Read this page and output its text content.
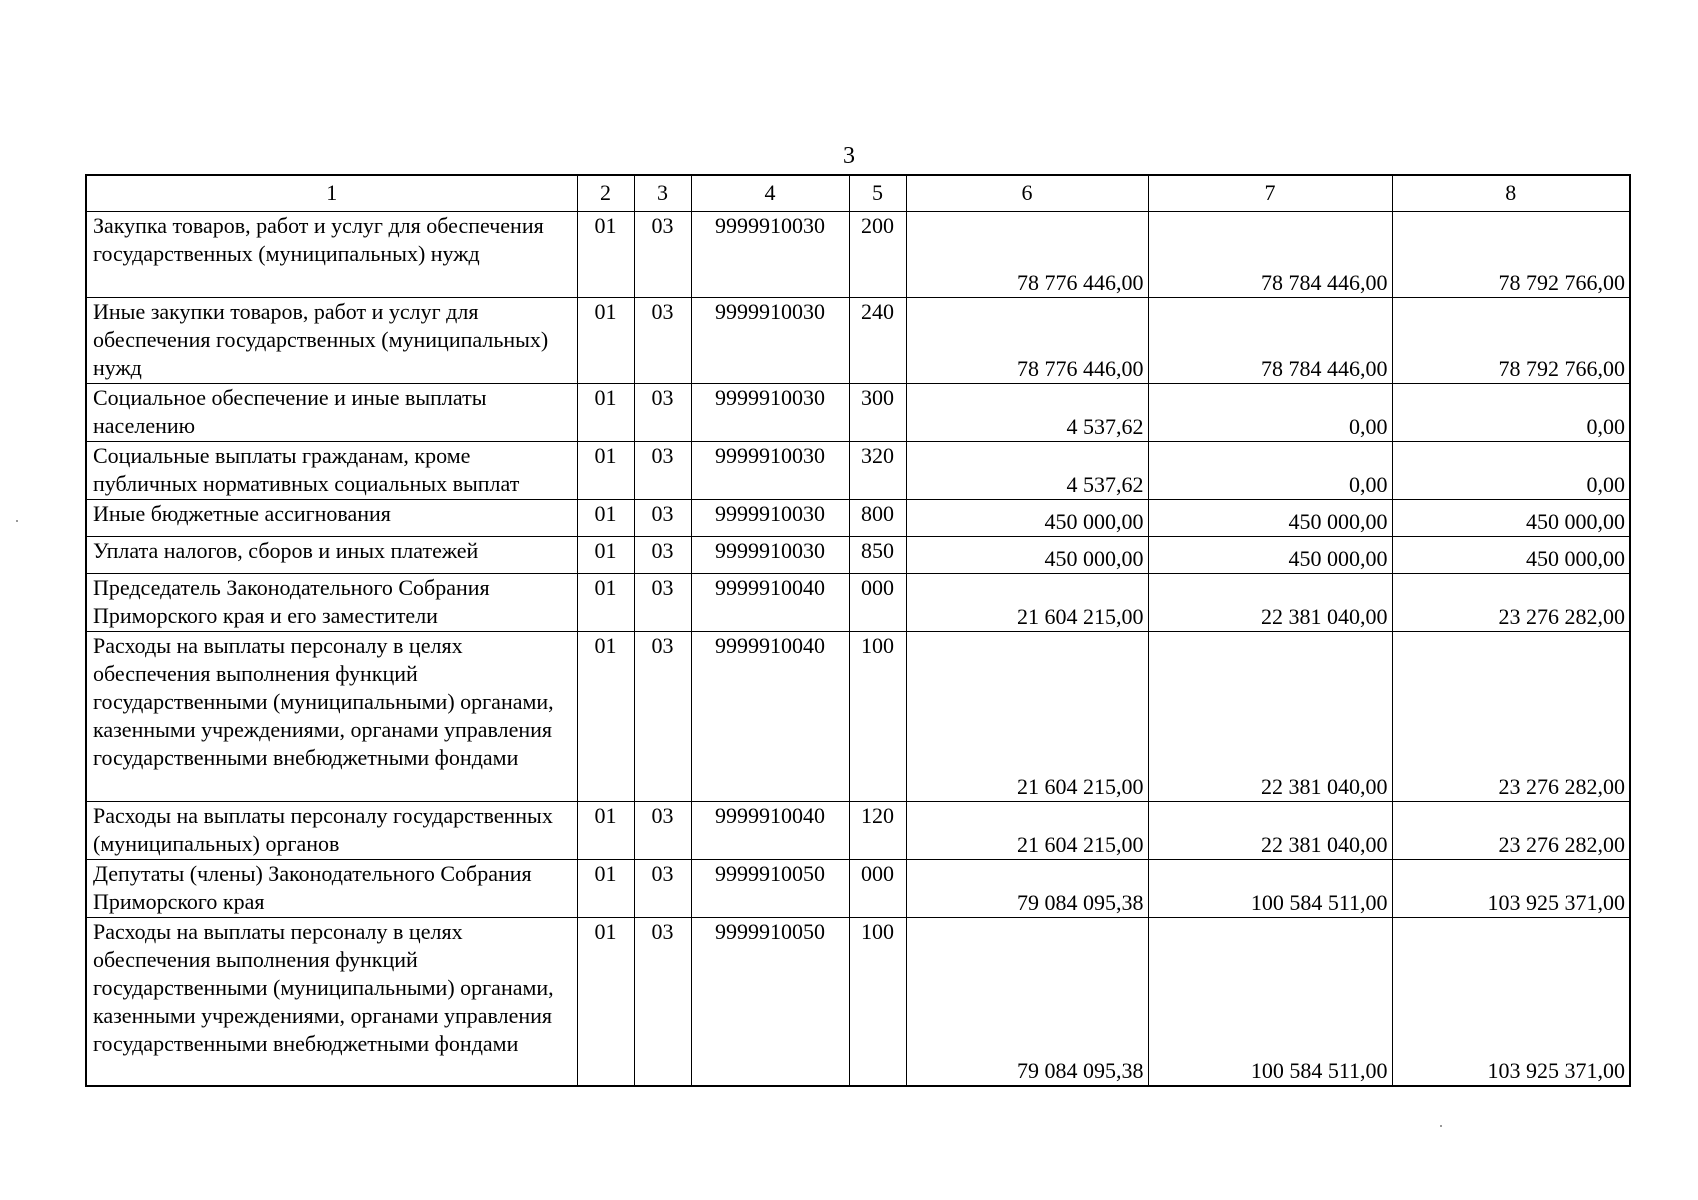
3
1	2	3	4	5	6	7	8
Закупка товаров, работ и услуг для обеспечения государственных (муниципальных) нужд	01	03	9999910030	200	78 776 446,00	78 784 446,00	78 792 766,00
Иные закупки товаров, работ и услуг для обеспечения государственных (муниципальных) нужд	01	03	9999910030	240	78 776 446,00	78 784 446,00	78 792 766,00
Социальное обеспечение и иные выплаты населению	01	03	9999910030	300	4 537,62	0,00	0,00
Социальные выплаты гражданам, кроме публичных нормативных социальных выплат	01	03	9999910030	320	4 537,62	0,00	0,00
Иные бюджетные ассигнования	01	03	9999910030	800	450 000,00	450 000,00	450 000,00
Уплата налогов, сборов и иных платежей	01	03	9999910030	850	450 000,00	450 000,00	450 000,00
Председатель Законодательного Собрания Приморского края и его заместители	01	03	9999910040	000	21 604 215,00	22 381 040,00	23 276 282,00
Расходы на выплаты персоналу в целях обеспечения выполнения функций государственными (муниципальными) органами, казенными учреждениями, органами управления государственными внебюджетными фондами	01	03	9999910040	100	21 604 215,00	22 381 040,00	23 276 282,00
Расходы на выплаты персоналу государственных (муниципальных) органов	01	03	9999910040	120	21 604 215,00	22 381 040,00	23 276 282,00
Депутаты (члены) Законодательного Собрания Приморского края	01	03	9999910050	000	79 084 095,38	100 584 511,00	103 925 371,00
Расходы на выплаты персоналу в целях обеспечения выполнения функций государственными (муниципальными) органами, казенными учреждениями, органами управления государственными внебюджетными фондами	01	03	9999910050	100	79 084 095,38	100 584 511,00	103 925 371,00
